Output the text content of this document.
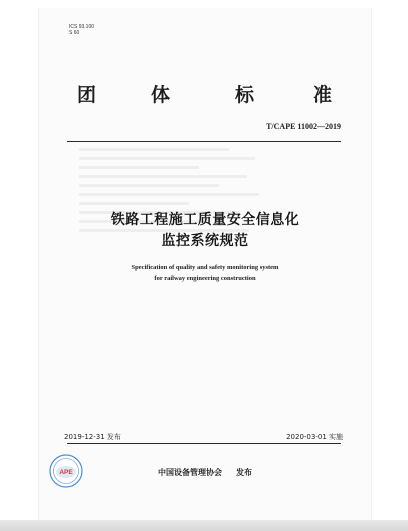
ICS 93.100
S 60
团	体	标	准
T/CAPE 11002—2019
铁路工程施工质量安全信息化
监控系统规范
Specification of quality and safety monitoring system
for railway engineering construction
2019-12-31 发布	2020-03-01 实施
APE	中国设备管理协会 发布
